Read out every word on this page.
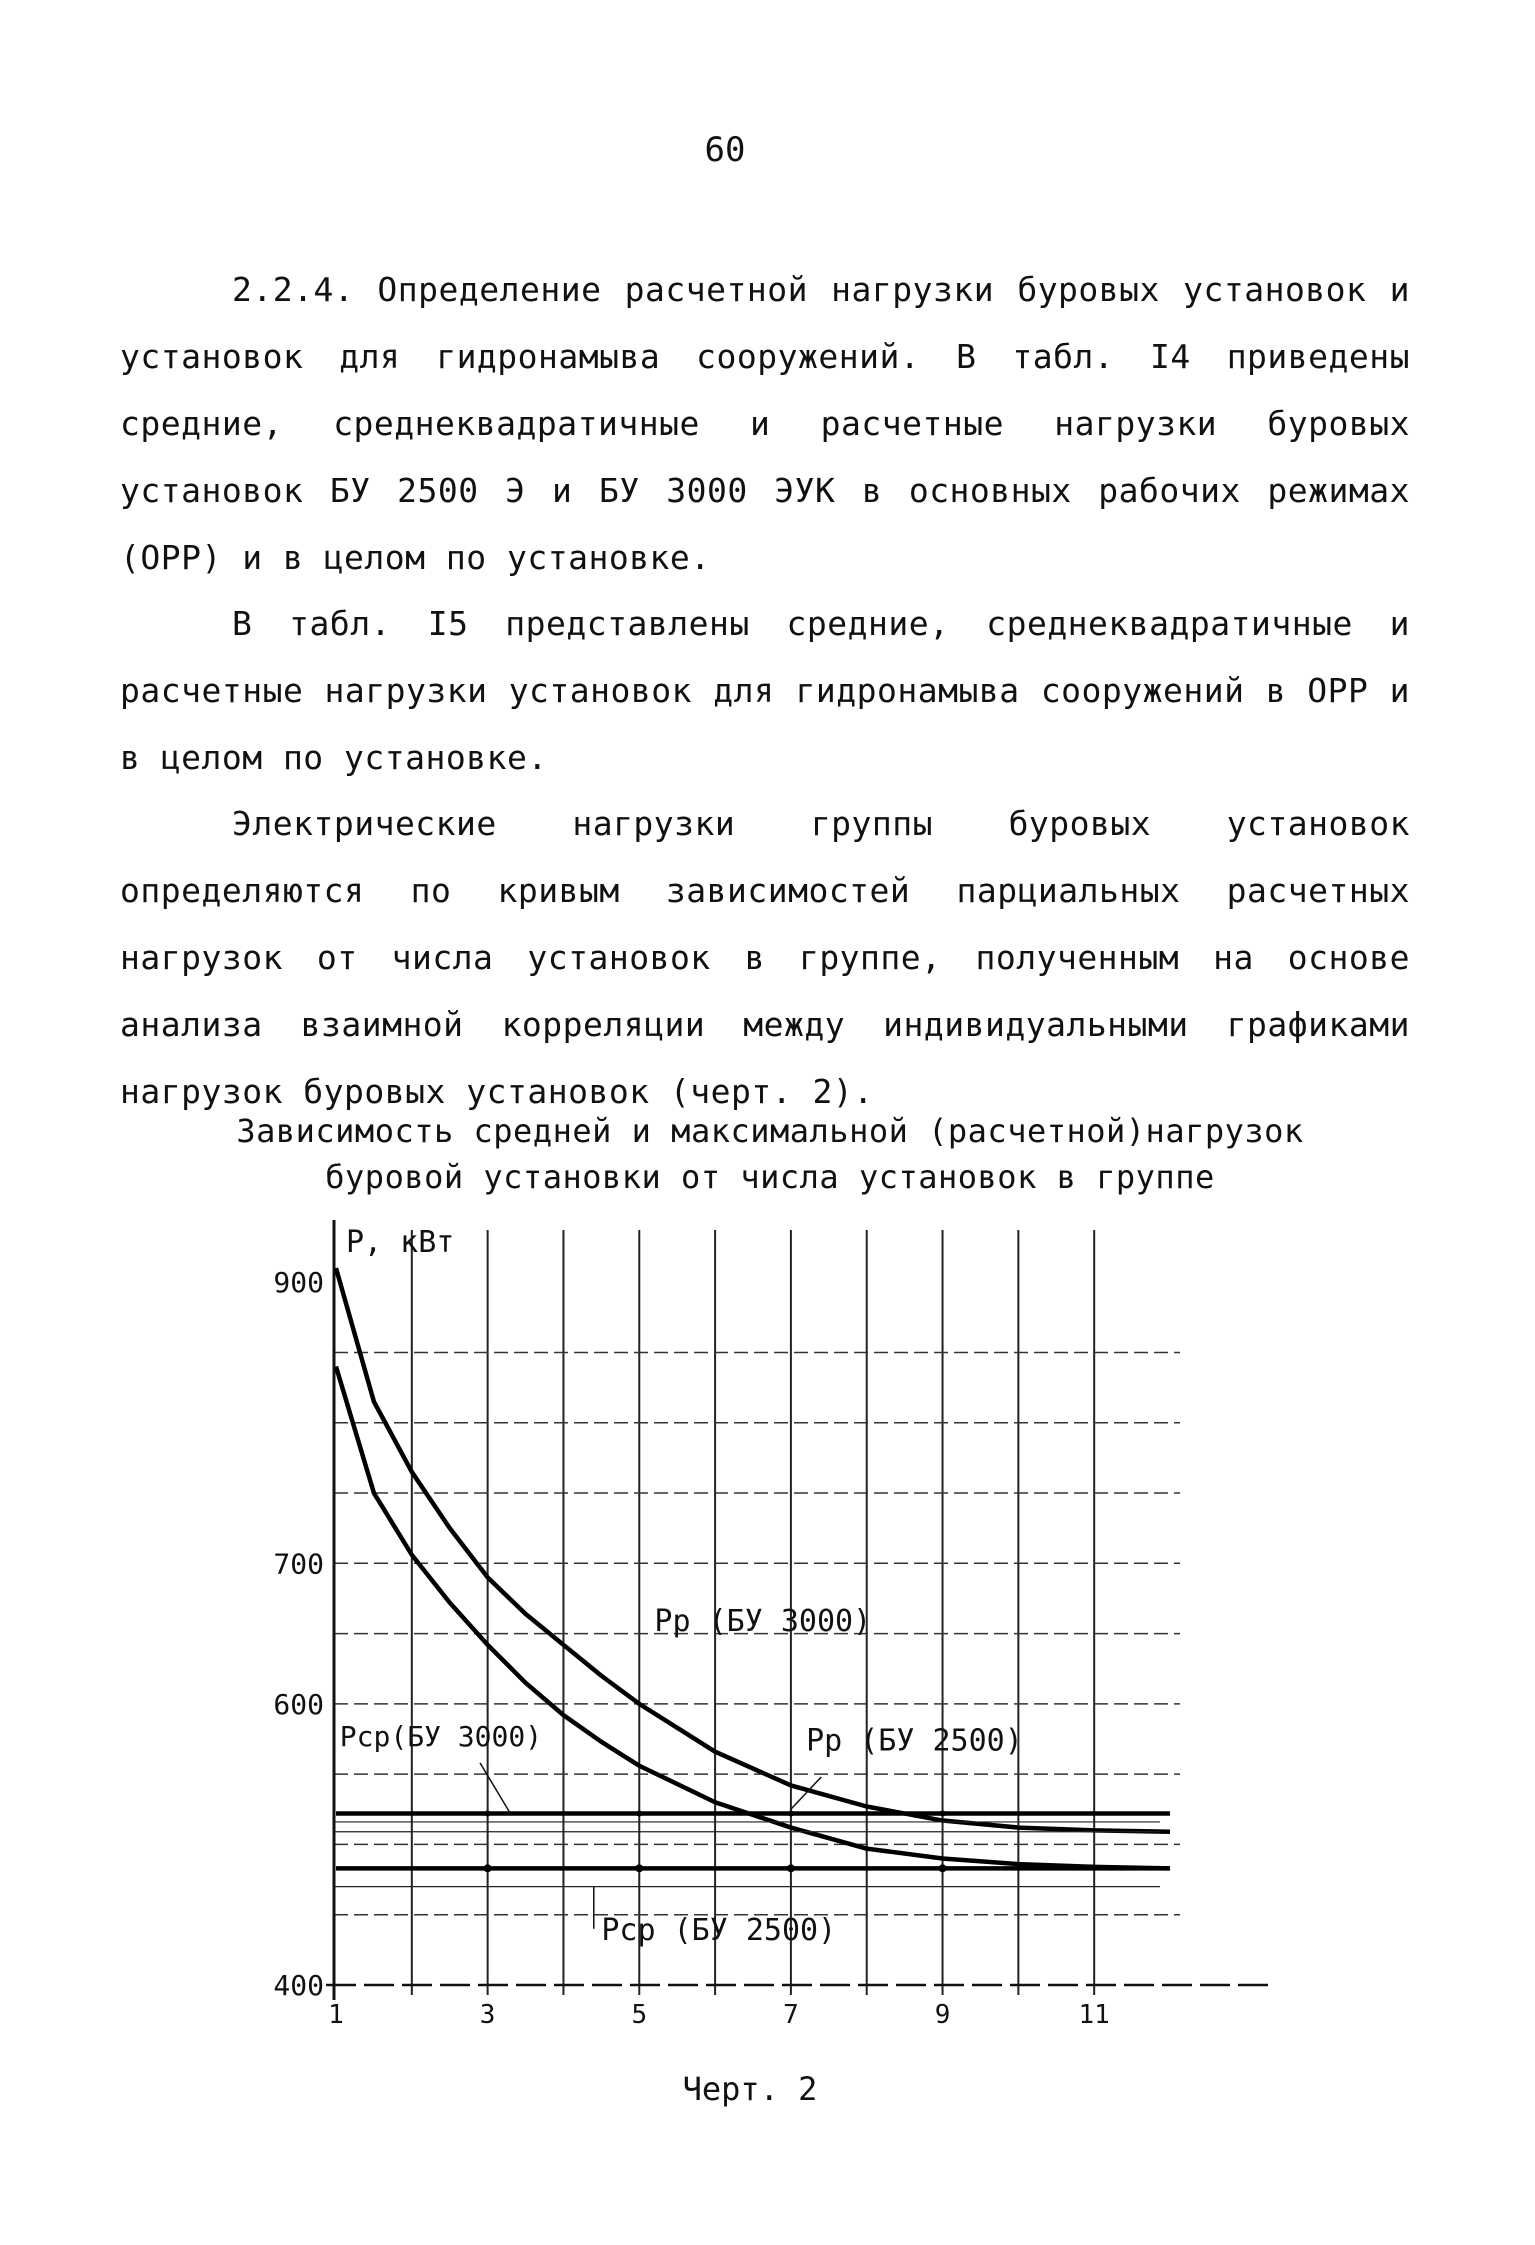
60
2.2.4. Определение расчетной нагрузки буровых установок и установок для гидронамыва сооружений. В табл. I4 приведены средние, среднеквадратичные и расчетные нагрузки буровых установок БУ 2500 Э и БУ 3000 ЭУК в основных рабочих режимах (ОРР) и в целом по установке.
В табл. I5 представлены средние, среднеквадратичные и расчетные нагрузки установок для гидронамыва сооружений в ОРР и в целом по установке.
Электрические нагрузки группы буровых установок определяются по кривым зависимостей парциальных расчетных нагрузок от числа установок в группе, полученным на основе анализа взаимной корреляции между индивидуальными графиками нагрузок буровых установок (черт. 2).
Зависимость средней и максимальной (расчетной)нагрузок
буровой установки от числа установок в группе
P, кВт
900
700
600
400
1	3	5	7	9	11
Рр (БУ 3000)
Рр (БУ 2500)
Рср(БУ 3000)
Рср (БУ 2500)
Черт. 2
